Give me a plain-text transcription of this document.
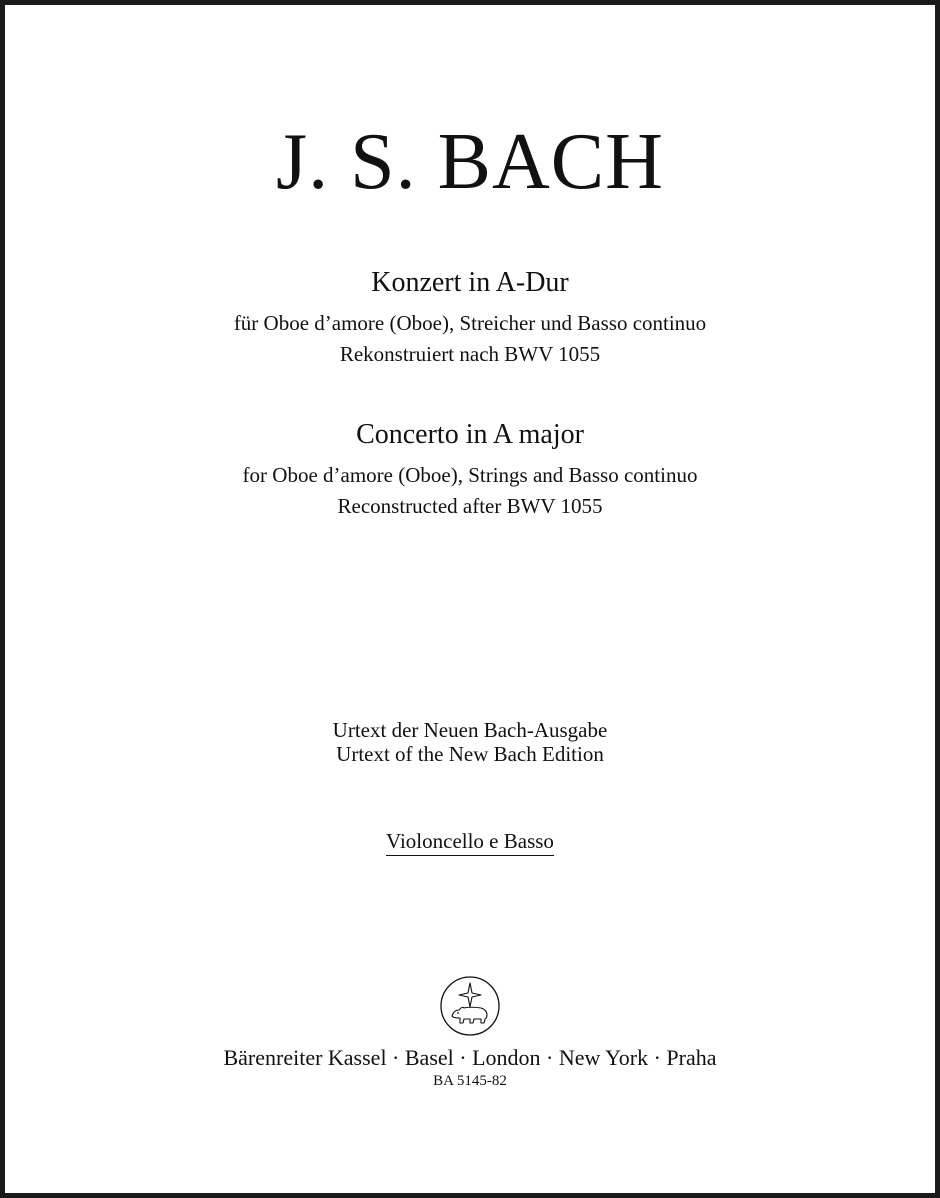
J. S. BACH
Konzert in A-Dur
für Oboe d’amore (Oboe), Streicher und Basso continuo
Rekonstruiert nach BWV 1055
Concerto in A major
for Oboe d’amore (Oboe), Strings and Basso continuo
Reconstructed after BWV 1055
Urtext der Neuen Bach-Ausgabe
Urtext of the New Bach Edition
Violoncello e Basso
Bärenreiter Kassel · Basel · London · New York · Praha
BA 5145-82
